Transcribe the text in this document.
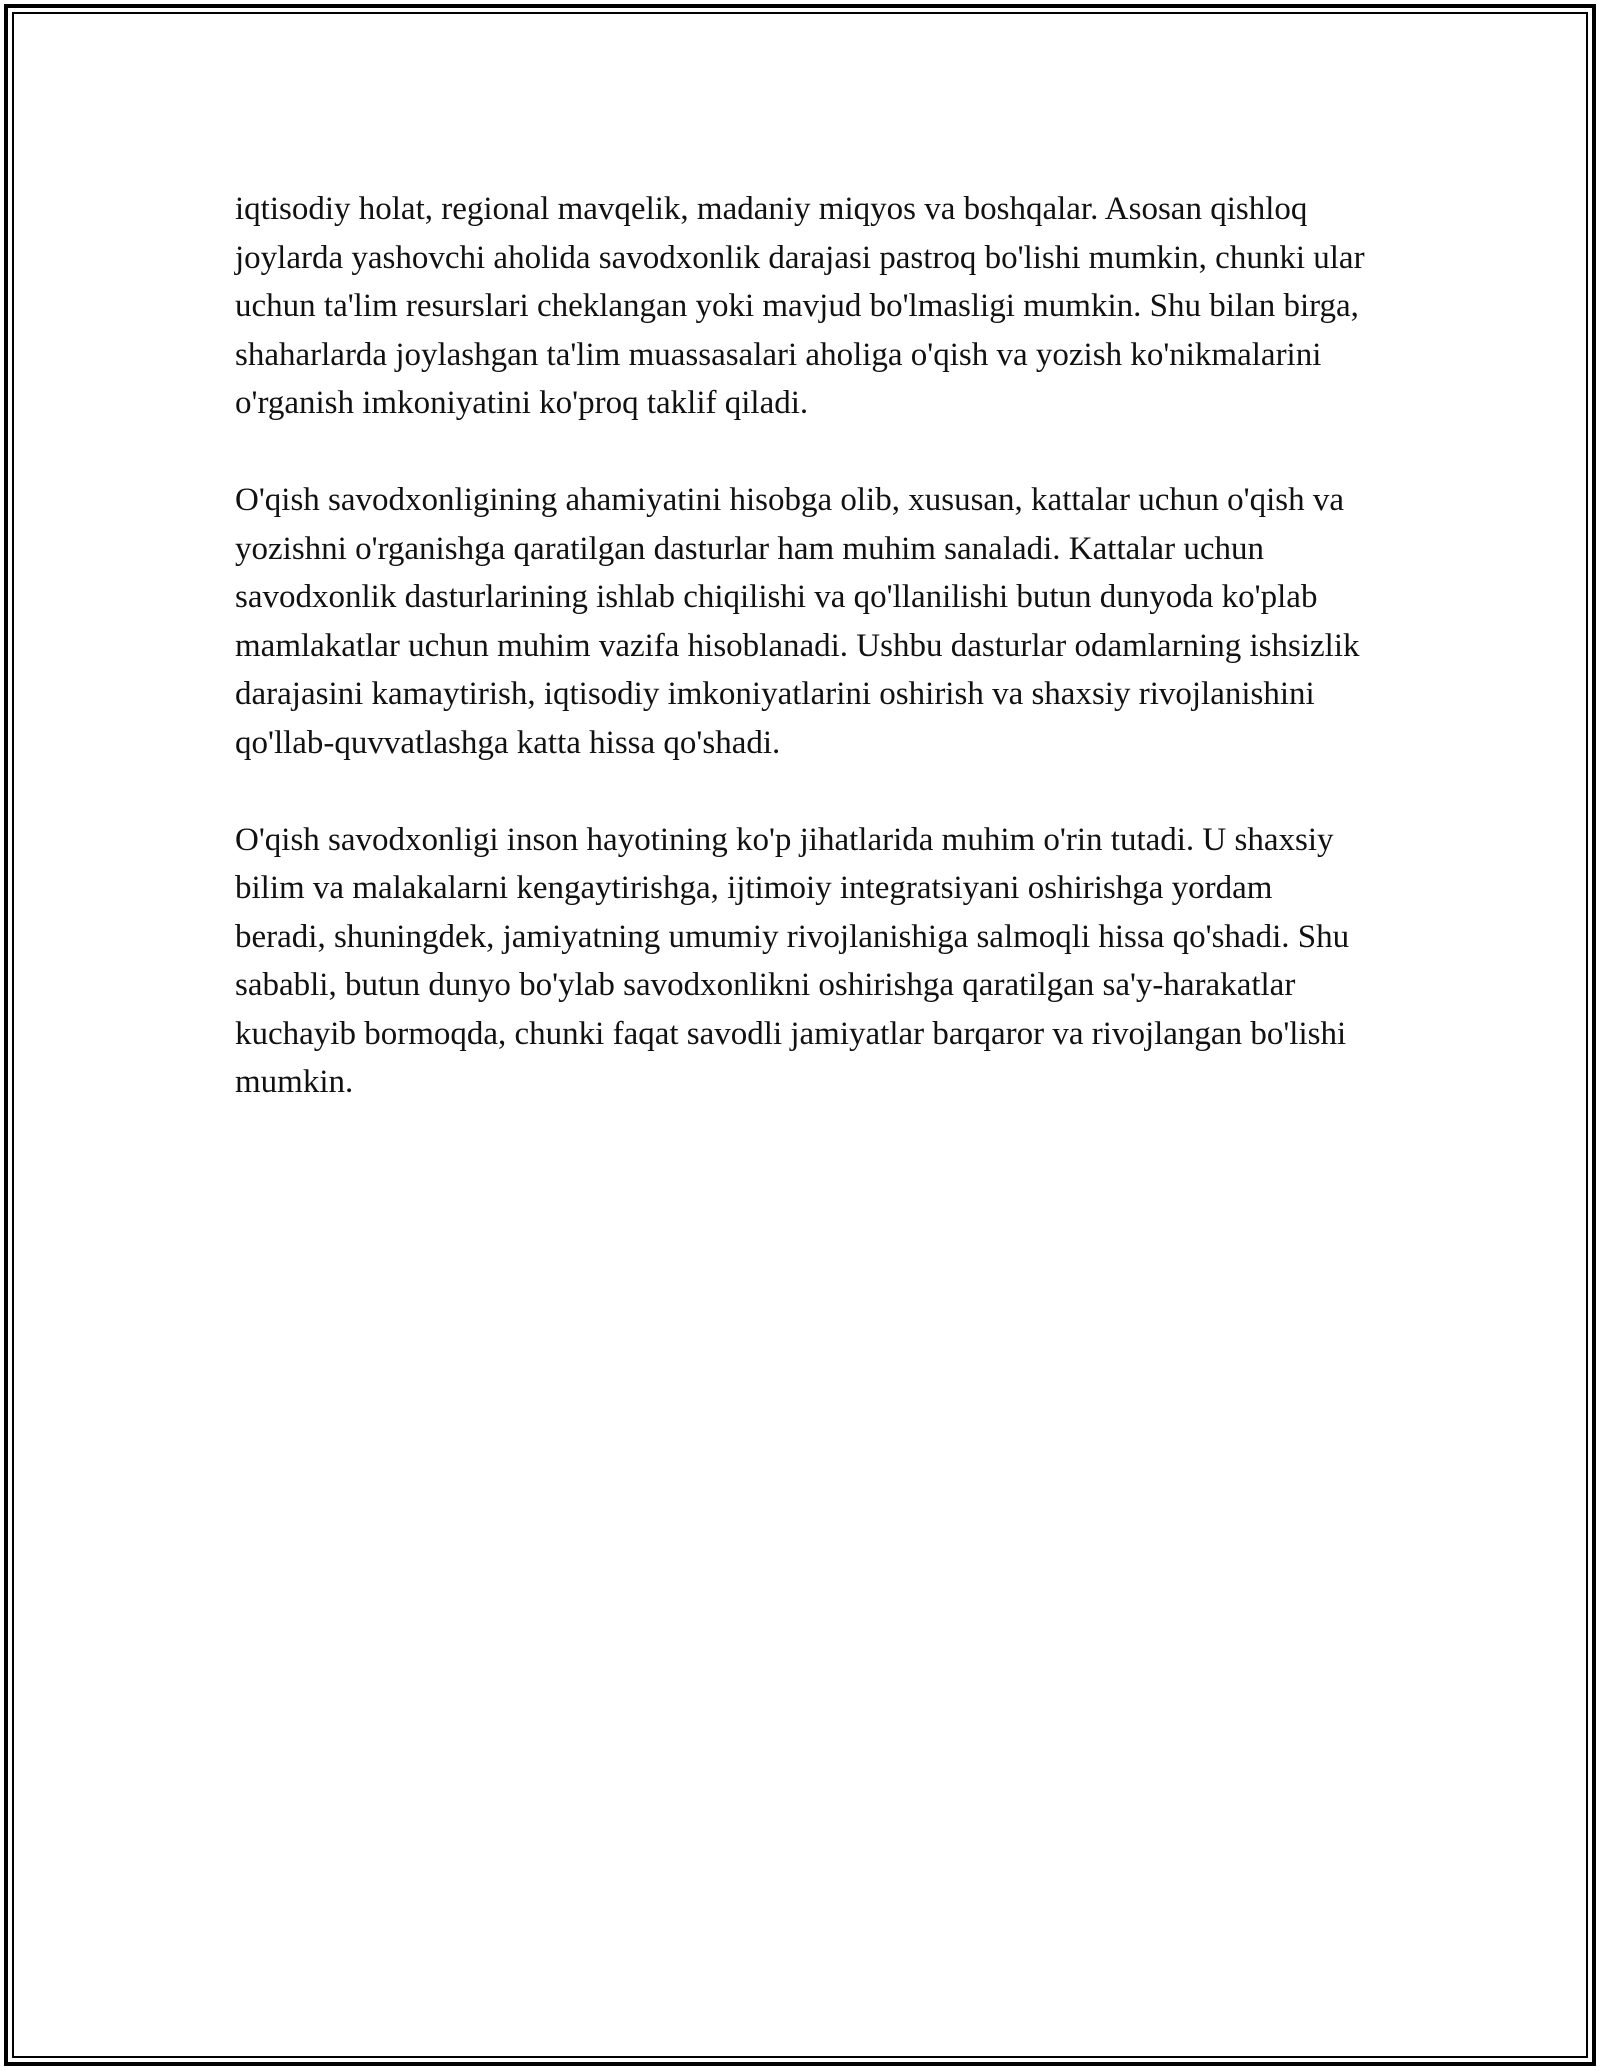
iqtisodiy holat, regional mavqelik, madaniy miqyos va boshqalar. Asosan qishloq joylarda yashovchi aholida savodxonlik darajasi pastroq bo'lishi mumkin, chunki ular uchun ta'lim resurslari cheklangan yoki mavjud bo'lmasligi mumkin. Shu bilan birga, shaharlarda joylashgan ta'lim muassasalari aholiga o'qish va yozish ko'nikmalarini o'rganish imkoniyatini ko'proq taklif qiladi.

O'qish savodxonligining ahamiyatini hisobga olib, xususan, kattalar uchun o'qish va yozishni o'rganishga qaratilgan dasturlar ham muhim sanaladi. Kattalar uchun savodxonlik dasturlarining ishlab chiqilishi va qo'llanilishi butun dunyoda ko'plab mamlakatlar uchun muhim vazifa hisoblanadi. Ushbu dasturlar odamlarning ishsizlik darajasini kamaytirish, iqtisodiy imkoniyatlarini oshirish va shaxsiy rivojlanishini qo'llab-quvvatlashga katta hissa qo'shadi.

O'qish savodxonligi inson hayotining ko'p jihatlarida muhim o'rin tutadi. U shaxsiy bilim va malakalarni kengaytirishga, ijtimoiy integratsiyani oshirishga yordam beradi, shuningdek, jamiyatning umumiy rivojlanishiga salmoqli hissa qo'shadi. Shu sababli, butun dunyo bo'ylab savodxonlikni oshirishga qaratilgan sa'y-harakatlar kuchayib bormoqda, chunki faqat savodli jamiyatlar barqaror va rivojlangan bo'lishi mumkin.
